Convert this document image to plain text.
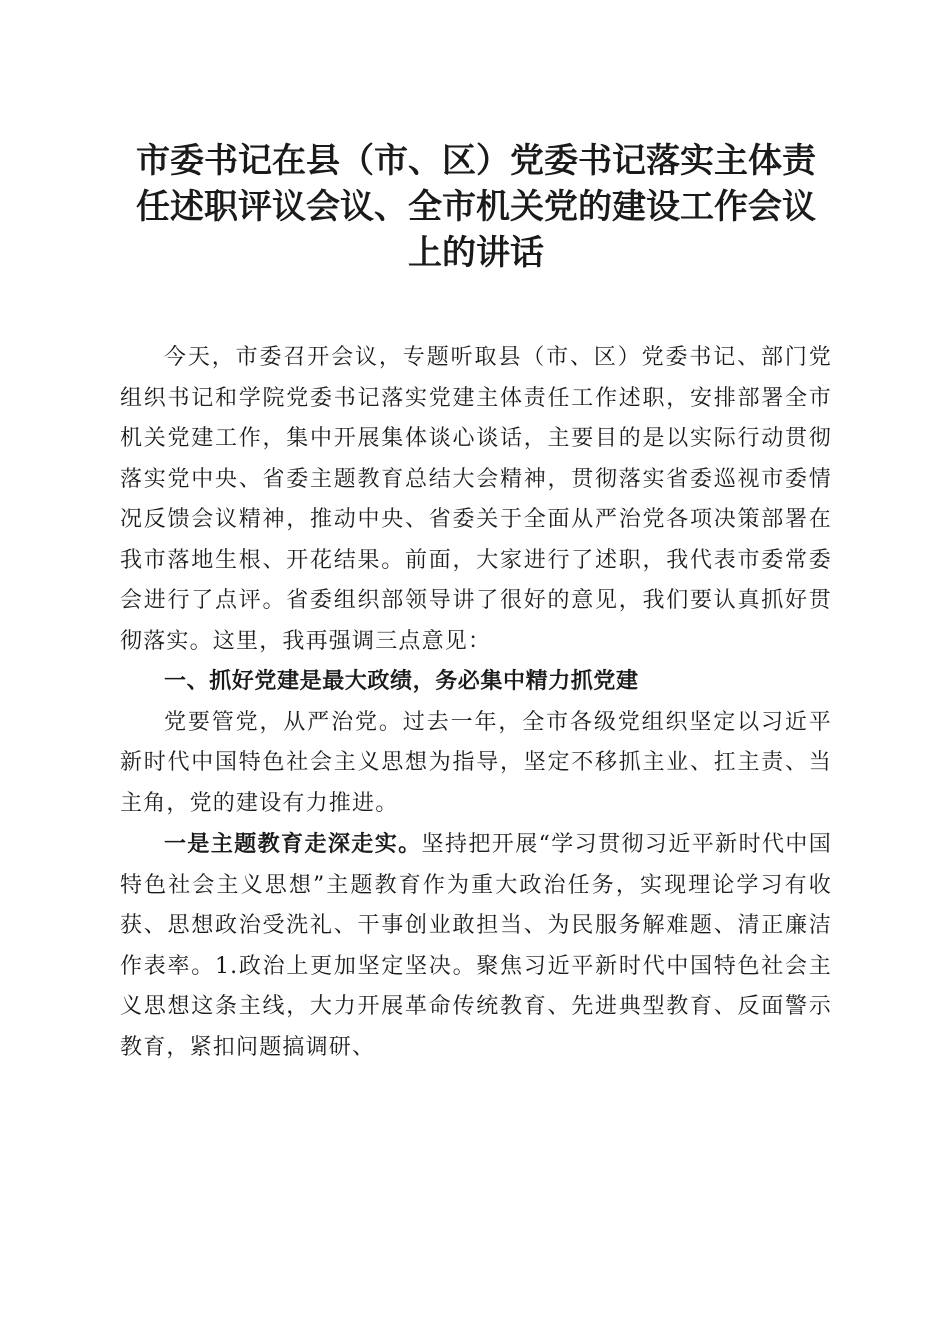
市委书记在县（市、区）党委书记落实主体责任述职评议会议、全市机关党的建设工作会议上的讲话

今天，市委召开会议，专题听取县（市、区）党委书记、部门党组织书记和学院党委书记落实党建主体责任工作述职，安排部署全市机关党建工作，集中开展集体谈心谈话，主要目的是以实际行动贯彻落实党中央、省委主题教育总结大会精神，贯彻落实省委巡视市委情况反馈会议精神，推动中央、省委关于全面从严治党各项决策部署在我市落地生根、开花结果。前面，大家进行了述职，我代表市委常委会进行了点评。省委组织部领导讲了很好的意见，我们要认真抓好贯彻落实。这里，我再强调三点意见：

一、抓好党建是最大政绩，务必集中精力抓党建

党要管党，从严治党。过去一年，全市各级党组织坚定以习近平新时代中国特色社会主义思想为指导，坚定不移抓主业、扛主责、当主角，党的建设有力推进。

一是主题教育走深走实。坚持把开展“学习贯彻习近平新时代中国特色社会主义思想”主题教育作为重大政治任务，实现理论学习有收获、思想政治受洗礼、干事创业敢担当、为民服务解难题、清正廉洁作表率。1.政治上更加坚定坚决。聚焦习近平新时代中国特色社会主义思想这条主线，大力开展革命传统教育、先进典型教育、反面警示教育，紧扣问题搞调研、
